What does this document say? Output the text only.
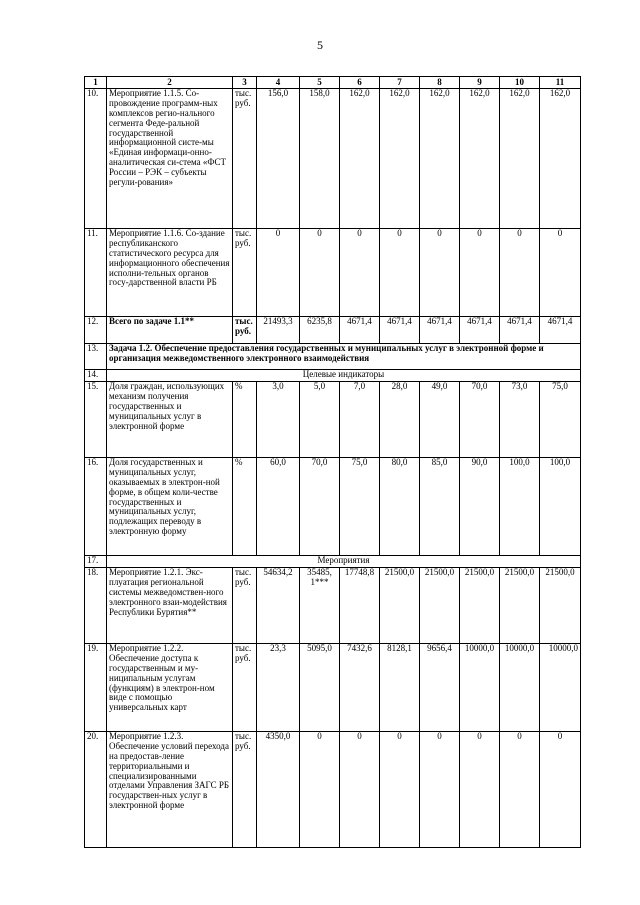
5
1	2	3	4	5	6	7	8	9	10	11
10.	Мероприятие 1.1.5. Со-провождение программ-ных комплексов регио-нального сегмента Феде-ральной государственной информационной систе-мы «Единая информаци-онно-аналитическая си-стема «ФСТ России – РЭК – субъекты регули-рования»	тыс. руб.	156,0	158,0	162,0	162,0	162,0	162,0	162,0	162,0
11.	Мероприятие 1.1.6. Со-здание республиканского статистического ресурса для информационного обеспечения исполни-тельных органов госу-дарственной власти РБ	тыс. руб.	0	0	0	0	0	0	0	0
12.	Всего по задаче 1.1**	тыс. руб.	21493,3	6235,8	4671,4	4671,4	4671,4	4671,4	4671,4	4671,4
13.	Задача 1.2. Обеспечение предоставления государственных и муниципальных услуг в электронной форме и организация межведомственного электронного взаимодействия									
14.	Целевые индикаторы									
15.	Доля граждан, использующих механизм получения государственных и муниципальных услуг в электронной форме	%	3,0	5,0	7,0	28,0	49,0	70,0	73,0	75,0
16.	Доля государственных и муниципальных услуг, оказываемых в электрон-ной форме, в общем коли-честве государственных и муниципальных услуг, подлежащих переводу в электронную форму	%	60,0	70,0	75,0	80,0	85,0	90,0	100,0	100,0
17.	Мероприятия									
18.	Мероприятие 1.2.1. Экс-плуатация региональной системы межведомствен-ного электронного взаи-модействия Республики Бурятия**	тыс. руб.	54634,2	35485, 1***	17748,8	21500,0	21500,0	21500,0	21500,0	21500,0
19.	Мероприятие 1.2.2. Обеспечение доступа к государственным и му-ниципальным услугам (функциям) в электрон-ном виде с помощью универсальных карт	тыс. руб.	23,3	5095,0	7432,6	8128,1	9656,4	10000,0	10000,0	10000,0
20.	Мероприятие 1.2.3. Обеспечение условий перехода на предостав-ление территориальными и специализированными отделами Управления ЗАГС РБ государствен-ных услуг в электронной форме	тыс. руб.	4350,0	0	0	0	0	0	0	0
